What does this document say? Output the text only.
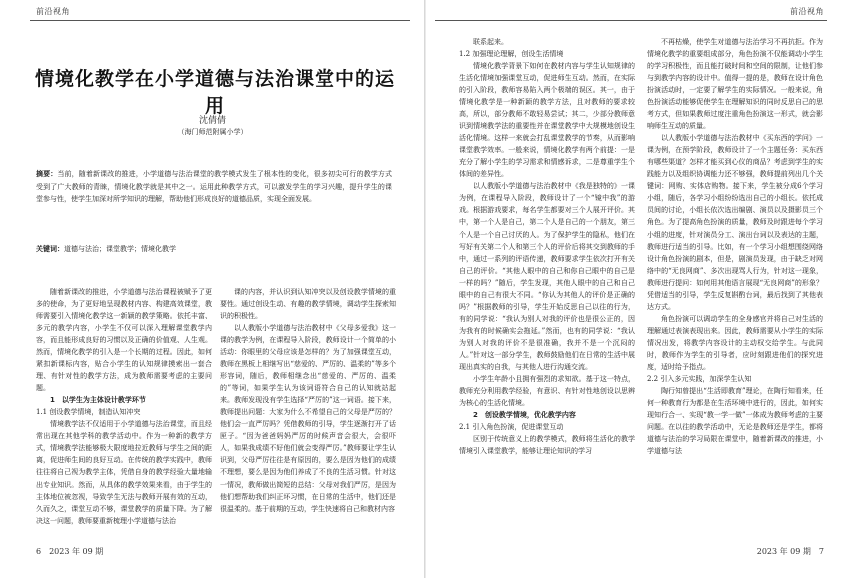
前沿视角
情境化教学在小学道德与法治课堂中的运用
沈倩倩
（海门师范附属小学）
摘要：当前，随着新课改的推进，小学道德与法治课堂的教学模式发生了根本性的变化，很多初尖可行的教学方式受到了广大教师的青睐，情境化教学就是其中之一。运用此种教学方式，可以激发学生的学习兴趣，提升学生的课堂参与性，使学生加深对所学知识的理解，帮助他们形成良好的道德品质，实现全面发展。
关键词：道德与法治；课堂教学；情境化教学

随着新课改的推进，小学道德与法治课程被赋予了更多的使命，为了更好地呈现教材内容、构建高效课堂，教师需要引入情境化教学这一新颖的教学策略。依托丰富、多元的教学内容，小学生不仅可以深入理解课堂教学内容，而且能形成良好的习惯以及正确的价值观、人生观。然而，情境化教学的引入是一个长期的过程。因此，如何紧扣新课标内容，贴合小学生的认知规律摸索出一套合理、有针对性的教学方法，成为教师需要考虑的主要问题。

1　以学生为主体设计教学环节

1.1 创设教学情境，制造认知冲突

情境教学法不仅适用于小学道德与法治课堂，而且经常出现在其他学科的教学活动中。作为一种新的教学方式，情境教学法能够极大限度地拉近教师与学生之间的距离，促进师生间的良好互动。在传统的教学实践中，教师往往将自己视为教学主体，凭借自身的教学经验大量地输出专业知识。然而，从具体的教学效果来看，由于学生的主体地位被忽视，导致学生无法与教师开展有效的互动，久而久之，课堂互动不够，课堂教学的质量下降。为了解决这一问题，教师要重新梳理小学道德与法治

课的内容，并认识到认知冲突以及创设教学情境的重要性。通过创设生动、有趣的教学情境，调动学生探索知识的积极性。

以人教版小学道德与法治教材中《父母多爱我》这一课的教学为例，在课程导入阶段，教师设计一个简单的小活动：你眼里的父母应该是怎样的？为了加强课堂互动，教师在黑板上相继写出“慈爱的、严厉的、温柔的”等多个形容词，随后，教师相继念出“慈爱的、严厉的、温柔的”等词，如果学生认为该词语符合自己的认知就站起来。教师发现没有学生选择“严厉的”这一词语。接下来，教师提出问题：大家为什么不希望自己的父母是严厉的？他们会一直严厉吗？凭借教师的引导，学生逐渐打开了话匣子。“因为爸爸妈妈严厉的时候声音会很大，会很吓人，如果我成绩不好他们就会变得严厉。”教师要让学生认识到，父母严厉往往是有原因的，要么是因为他们的成绩不理想，要么是因为他们养成了不良的生活习惯。针对这一情况，教师做出简短的总结：父母对我们严厉，是因为他们想帮助我们纠正坏习惯，在日常的生活中，他们还是很温柔的。基于前期的互动，学生快速将自己和教材内容

6　2023 年 09 期
前沿视角

联系起来。

1.2 加强理论理解，创设生活情境

情境化教学背景下如何在教材内容与学生认知规律的生活化情境加强课堂互动，促进师生互动。然而，在实际的引入阶段，教师容易陷入两个极端的误区。其一，由于情境化教学是一种新颖的教学方法，且对教师的要求较高，所以，部分教师不敢轻易尝试；其二，少部分教师意识到情境教学法的重要性并在课堂教学中大规模地创设生活化情境。这样一来就会打乱课堂教学的节奏，从而影响课堂教学效率。一般来说，情境化教学有两个前提：一是充分了解小学生的学习需求和情感诉求，二是尊重学生个体间的差异性。

以人教版小学道德与法治教材中《我是独特的》一课为例，在课程导入阶段，教师设计了一个“镜中我”的游戏。根据游戏要求，每名学生都要对三个人展开评价。其中，第一个人是自己，第二个人是自己的一个朋友，第三个人是一个自己讨厌的人。为了保护学生的隐私，他们在写好有关第二个人和第三个人的评价后将其交到教师的手中，通过一系列的评语传递，教师要求学生依次打开有关自己的评价。“其他人眼中的自己和你自己眼中的自己是一样的吗？”随后，学生发现，其他人眼中的自己和自己眼中的自己有很大不同。“你认为其他人的评价是正确的吗？”根据教师的引导，学生开始反思自己以往的行为，有的同学说：“我认为别人对我的评价也是很公正的，因为我有的时候确实会拖延。”然而，也有的同学说：“我认为别人对我的评价不是很准确，我并不是一个沉闷的人。”针对这一部分学生，教师鼓励他们在日常的生活中展现出真实的自我，与其他人进行沟通交流。

小学生年龄小且拥有强烈的求知欲。基于这一特点，教师充分利用教学经验，有意识、有针对性地创设以思辨为核心的生活化情境。

2　创设教学情境，优化教学内容

2.1 引入角色扮演，促进课堂互动

区别于传统意义上的教学模式，教师将生活化的教学情境引入课堂教学，能够让理论知识的学习

不再枯燥，使学生对道德与法治学习不再抗拒。作为情境化教学的重要组成部分，角色扮演不仅能调动小学生的学习积极性，而且能打破时间和空间的限制，让他们参与到教学内容的设计中。值得一提的是，教师在设计角色扮演活动时，一定要了解学生的实际情况。一般来说，角色扮演活动能够促使学生在理解知识的同时反思自己的思考方式，但如果教师过度注重角色扮演这一形式，就会影响师生互动的质量。

以人教版小学道德与法治教材中《买东西的学问》一课为例，在预学阶段，教师设计了一个主题任务：买东西有哪些渠道？怎样才能买到心仪的商品？考虑到学生的实践能力以及组织协调能力还不够强，教师提前列出几个关键词：网购、实体店购物。接下来，学生被分成6个学习小组，随后，各学习小组纷纷选出自己的小组长。依托成员间的讨论，小组长依次选出编剧、演员以及摄影员三个角色。为了提高角色扮演的质量，教师及时跟进每个学习小组的进度，针对演员分工、演出台词以及表达的主题，教师进行适当的引导。比如，有一个学习小组想围绕网络设计角色扮演的剧本，但是，剧演员发现，由于缺乏对网络中的“无良网商”、多次出现骂人行为，针对这一现象，教师进行提问：如何用其他语言展现“无良网商”的形象？凭借适当的引导，学生反复斟酌台词，最后找到了其他表达方式。

角色扮演可以调动学生的全身感官并将自己对生活的理解通过表演表现出来。因此，教师需要从小学生的实际情况出发，将教学内容设计的主动权交给学生。与此同时，教师作为学生的引导者，应时刻跟进他们的探究进度，适时给予指点。

2.2 引入多元实践，加深学生认知

陶行知曾提出“生活即教育”理论，在陶行知看来，任何一种教育行为都是在生活环境中进行的，因此，如何实现知行合一、实现“教一学一做”一体成为教师考虑的主要问题。在以往的教学活动中，无论是教师还是学生，都将道德与法治的学习局限在课堂中，随着新课改的推进，小学道德与法

2023 年 09 期　7
